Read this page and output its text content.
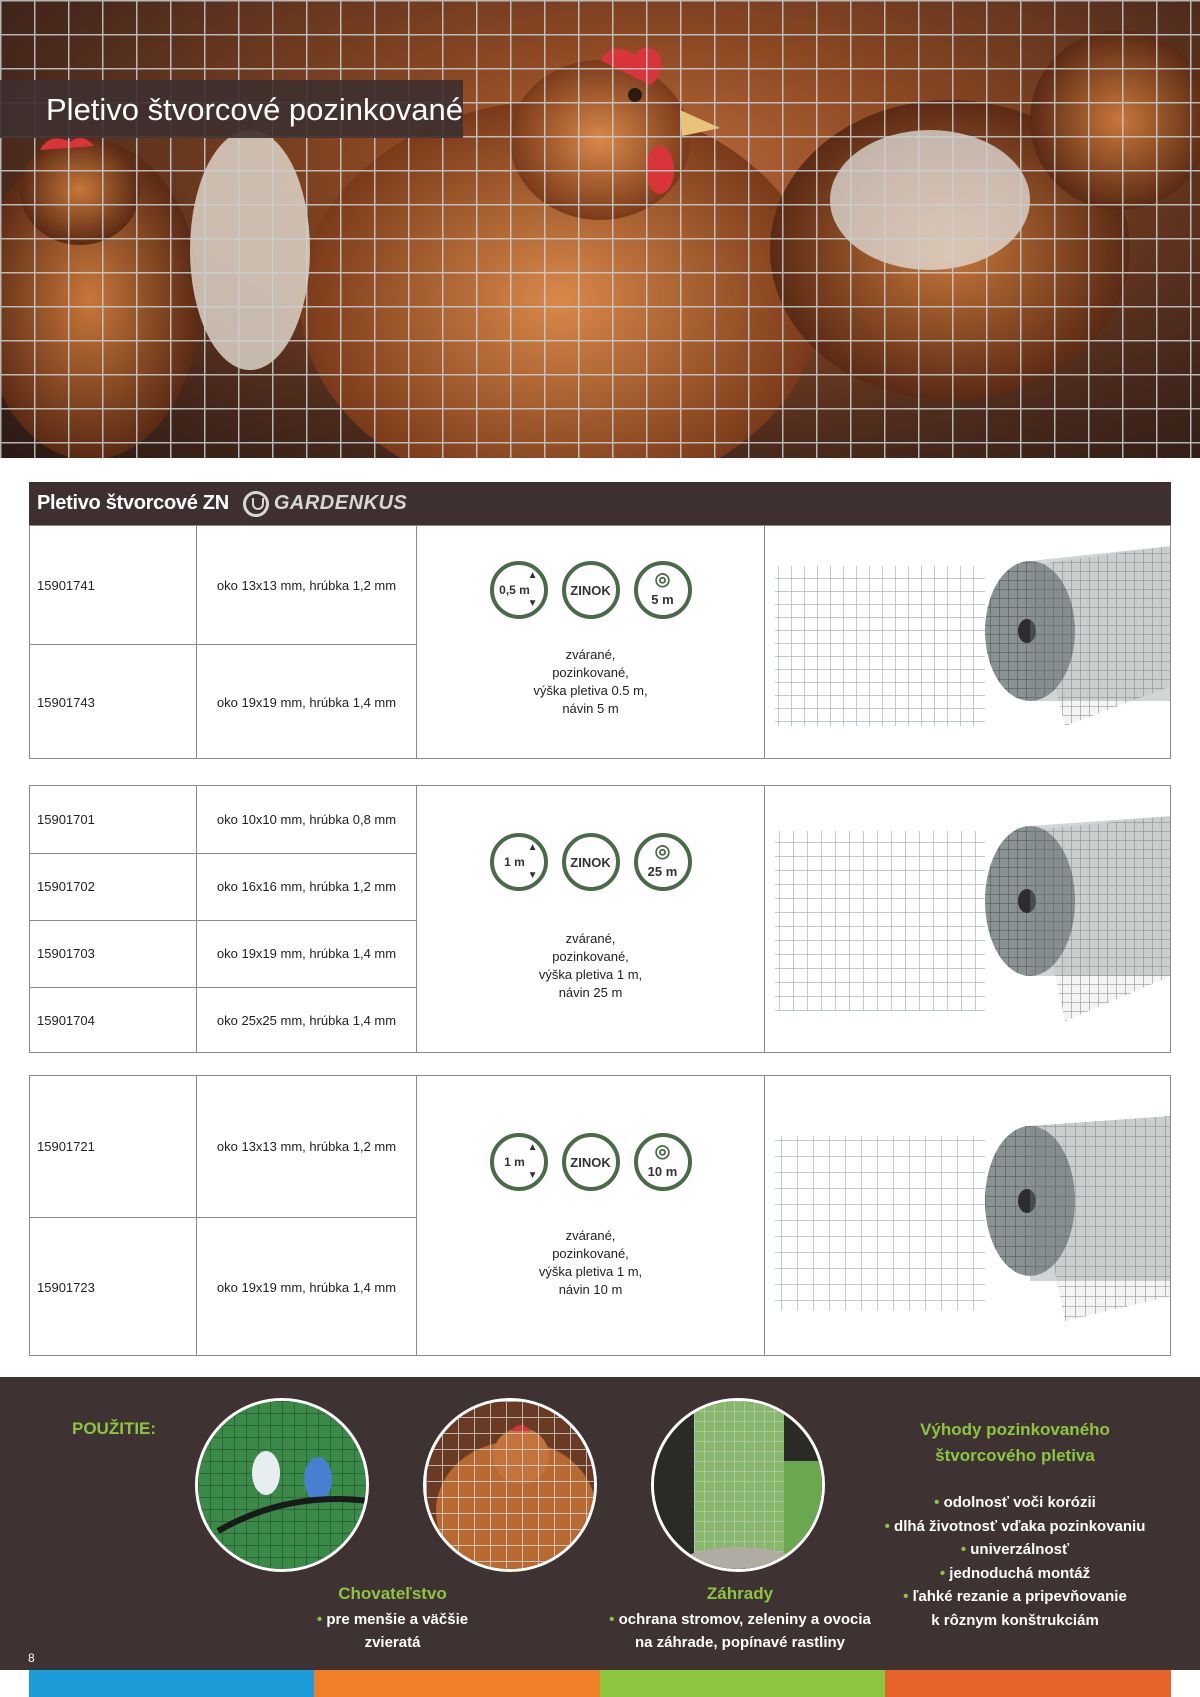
Pletivo štvorcové pozinkované
Pletivo štvorcové ZN GARDENKUS
15901741
15901743
oko 13x13 mm, hrúbka 1,2 mm
oko 19x19 mm, hrúbka 1,4 mm
0,5 m
▲
▼
ZINOK
◎
5 m
zvárané,
pozinkované,
výška pletiva 0.5 m,
návin 5 m
15901701
15901702
15901703
15901704
oko 10x10 mm, hrúbka 0,8 mm
oko 16x16 mm, hrúbka 1,2 mm
oko 19x19 mm, hrúbka 1,4 mm
oko 25x25 mm, hrúbka 1,4 mm
1 m
▲
▼
ZINOK
◎
25 m
zvárané,
pozinkované,
výška pletiva 1 m,
návin 25 m
15901721
15901723
oko 13x13 mm, hrúbka 1,2 mm
oko 19x19 mm, hrúbka 1,4 mm
1 m
▲
▼
ZINOK
◎
10 m
zvárané,
pozinkované,
výška pletiva 1 m,
návin 10 m
POUŽITIE:
Chovateľstvo
• pre menšie a väčšie
zvieratá
Záhrady
• ochrana stromov, zeleniny a ovocia
na záhrade, popínavé rastliny
Výhody pozinkovaného
štvorcového pletiva
• odolnosť voči korózii
• dlhá životnosť vďaka pozinkovaniu
• univerzálnosť
• jednoduchá montáž
• ľahké rezanie a pripevňovanie
k rôznym konštrukciám
8
